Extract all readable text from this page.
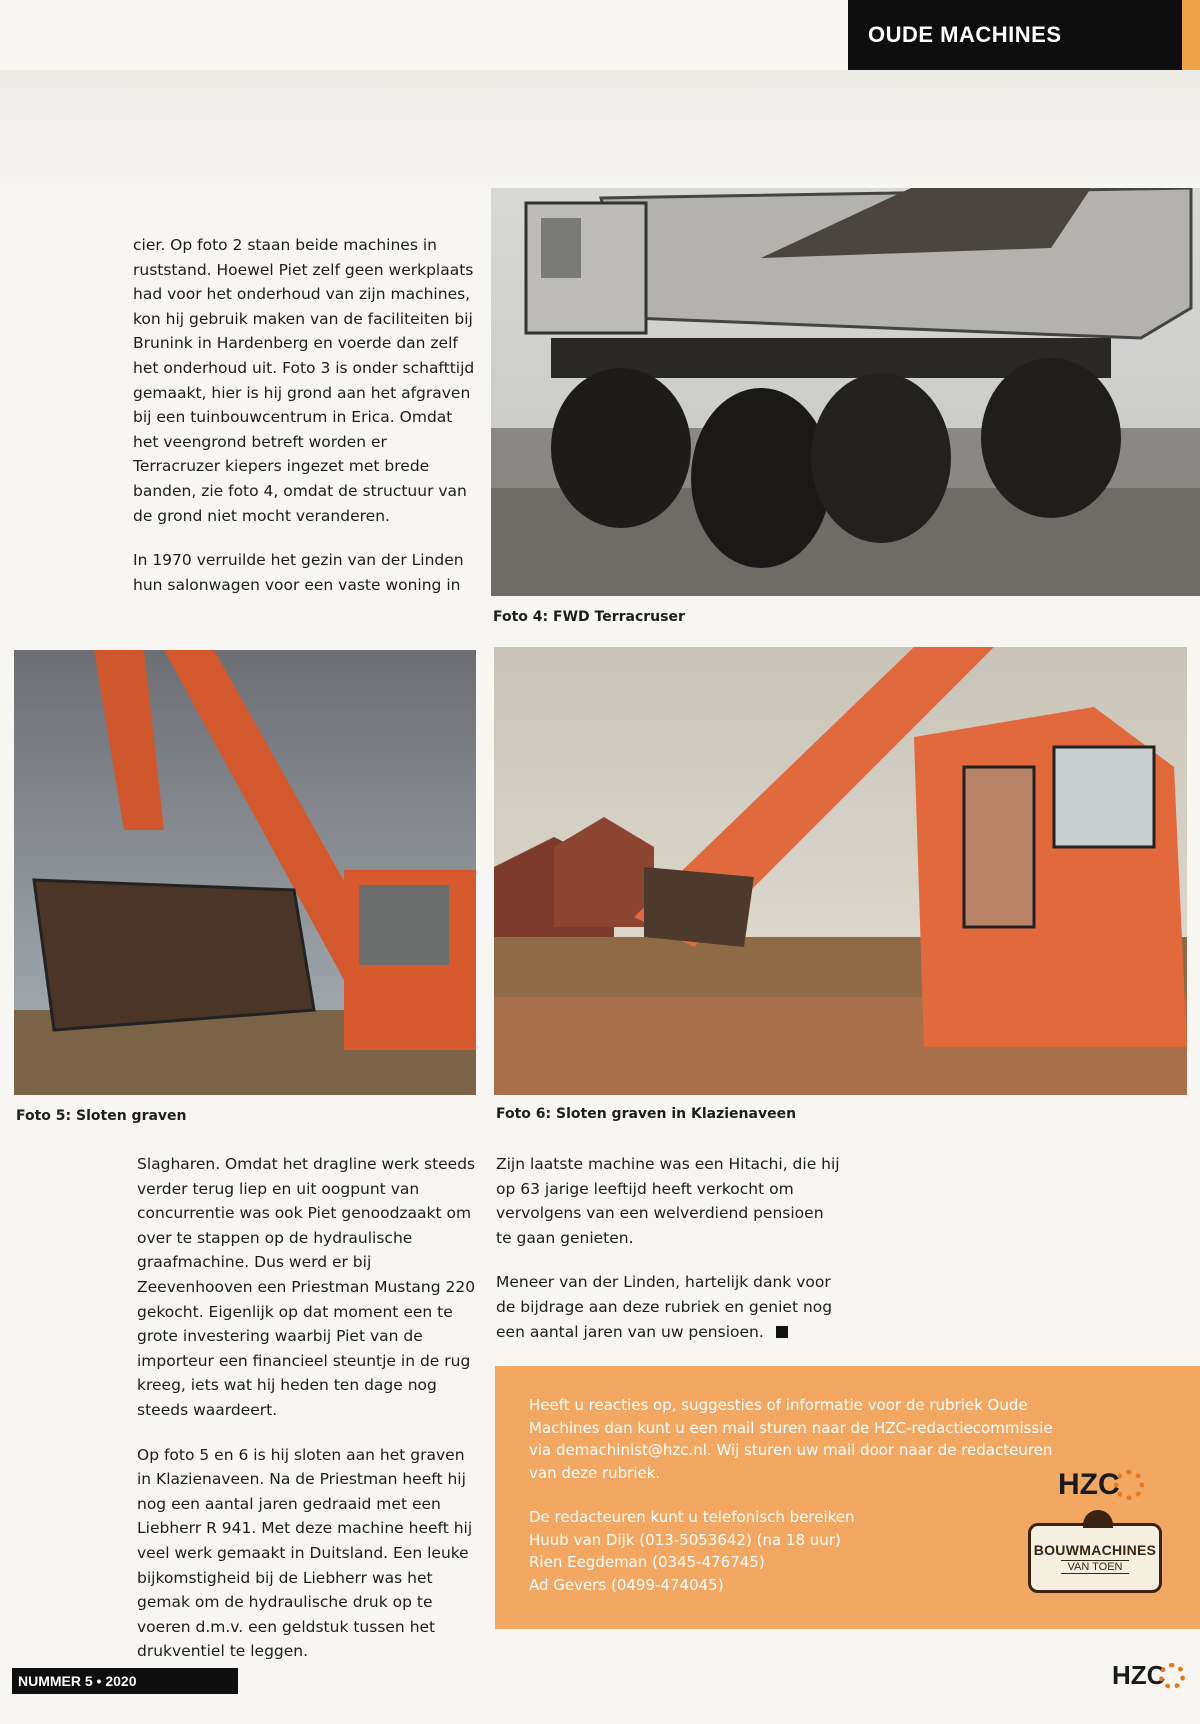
OUDE MACHINES

cier. Op foto 2 staan beide machines in ruststand. Hoewel Piet zelf geen werkplaats had voor het onderhoud van zijn machines, kon hij gebruik maken van de faciliteiten bij Brunink in Hardenberg en voerde dan zelf het onderhoud uit. Foto 3 is onder schafttijd gemaakt, hier is hij grond aan het afgraven bij een tuinbouwcentrum in Erica. Omdat het veengrond betreft worden er Terracruzer kiepers ingezet met brede banden, zie foto 4, omdat de structuur van de grond niet mocht veranderen.

In 1970 verruilde het gezin van der Linden hun salonwagen voor een vaste woning in

Foto 4: FWD Terracruser
Foto 5: Sloten graven	Foto 6: Sloten graven in Klazienaveen

Slagharen. Omdat het dragline werk steeds verder terug liep en uit oogpunt van concurrentie was ook Piet genoodzaakt om over te stappen op de hydraulische graafmachine. Dus werd er bij Zeevenhooven een Priestman Mustang 220 gekocht. Eigenlijk op dat moment een te grote investering waarbij Piet van de importeur een financieel steuntje in de rug kreeg, iets wat hij heden ten dage nog steeds waardeert.

Op foto 5 en 6 is hij sloten aan het graven in Klazienaveen. Na de Priestman heeft hij nog een aantal jaren gedraaid met een Liebherr R 941. Met deze machine heeft hij veel werk gemaakt in Duitsland. Een leuke bijkomstigheid bij de Liebherr was het gemak om de hydraulische druk op te voeren d.m.v. een geldstuk tussen het drukventiel te leggen.

Zijn laatste machine was een Hitachi, die hij op 63 jarige leeftijd heeft verkocht om vervolgens van een welverdiend pensioen te gaan genieten.

Meneer van der Linden, hartelijk dank voor de bijdrage aan deze rubriek en geniet nog een aantal jaren van uw pensioen.

Heeft u reacties op, suggesties of informatie voor de rubriek Oude Machines dan kunt u een mail sturen naar de HZC-redactiecommissie via demachinist@hzc.nl. Wij sturen uw mail door naar de redacteuren van deze rubriek.
De redacteuren kunt u telefonisch bereiken
Huub van Dijk (013-5053642) (na 18 uur)
Rien Eegdeman (0345-476745)
Ad Gevers (0499-474045)
HZC
BOUWMACHINES
VAN TOEN
NUMMER 5 • 2020	HZC
